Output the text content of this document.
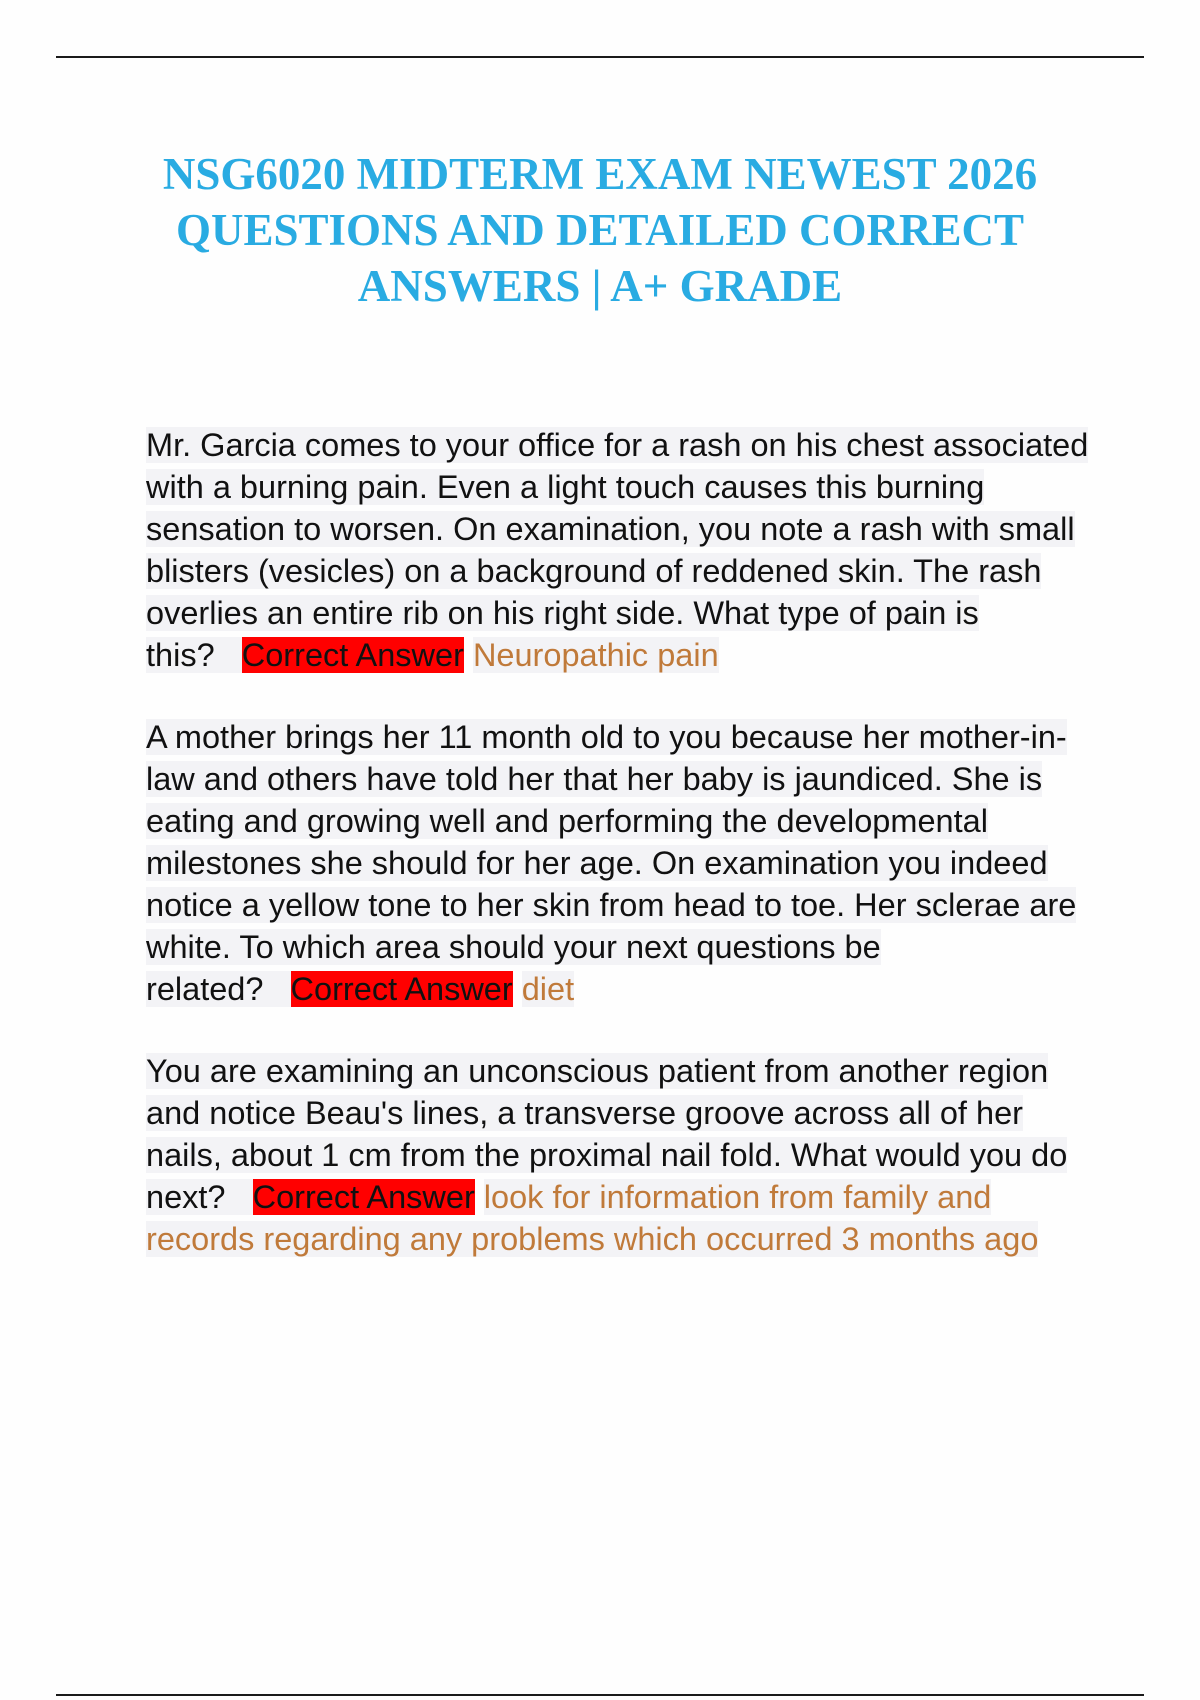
NSG6020 MIDTERM EXAM NEWEST 2026 QUESTIONS AND DETAILED CORRECT ANSWERS | A+ GRADE

Mr. Garcia comes to your office for a rash on his chest associated with a burning pain. Even a light touch causes this burning sensation to worsen. On examination, you note a rash with small blisters (vesicles) on a background of reddened skin. The rash overlies an entire rib on his right side. What type of pain is this? Correct Answer Neuropathic pain

A mother brings her 11 month old to you because her mother-in-law and others have told her that her baby is jaundiced. She is eating and growing well and performing the developmental milestones she should for her age. On examination you indeed notice a yellow tone to her skin from head to toe. Her sclerae are white. To which area should your next questions be related? Correct Answer diet

You are examining an unconscious patient from another region and notice Beau's lines, a transverse groove across all of her nails, about 1 cm from the proximal nail fold. What would you do next? Correct Answer look for information from family and records regarding any problems which occurred 3 months ago
